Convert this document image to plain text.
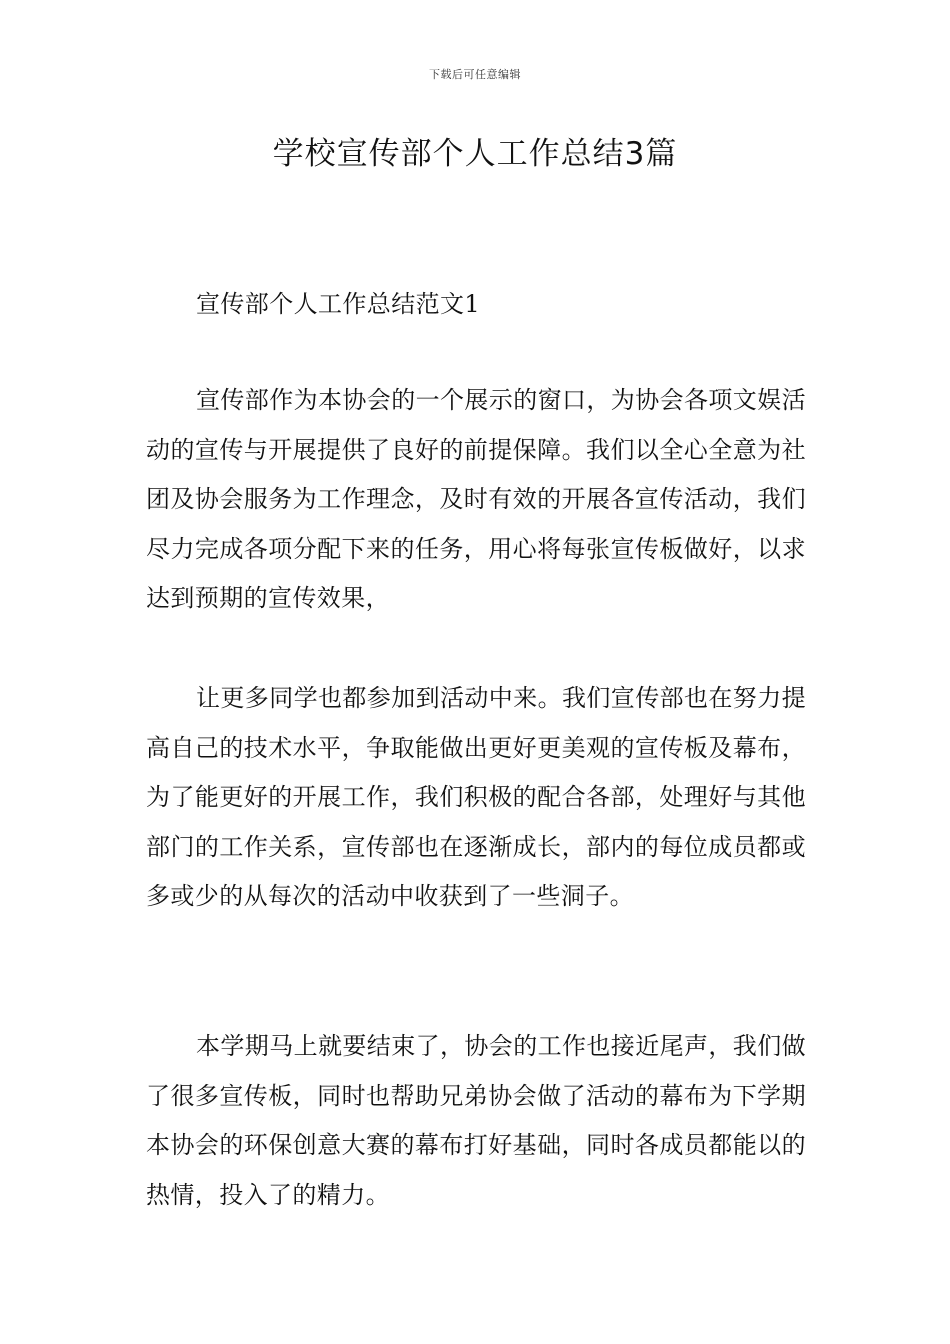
下载后可任意编辑
学校宣传部个人工作总结3篇

宣传部个人工作总结范文1

宣传部作为本协会的一个展示的窗口，为协会各项文娱活动的宣传与开展提供了良好的前提保障。我们以全心全意为社团及协会服务为工作理念，及时有效的开展各宣传活动，我们尽力完成各项分配下来的任务，用心将每张宣传板做好，以求达到预期的宣传效果，

让更多同学也都参加到活动中来。我们宣传部也在努力提高自己的技术水平，争取能做出更好更美观的宣传板及幕布，为了能更好的开展工作，我们积极的配合各部，处理好与其他部门的工作关系，宣传部也在逐渐成长，部内的每位成员都或多或少的从每次的活动中收获到了一些洞子。

本学期马上就要结束了，协会的工作也接近尾声，我们做了很多宣传板，同时也帮助兄弟协会做了活动的幕布为下学期本协会的环保创意大赛的幕布打好基础，同时各成员都能以的热情，投入了的精力。
